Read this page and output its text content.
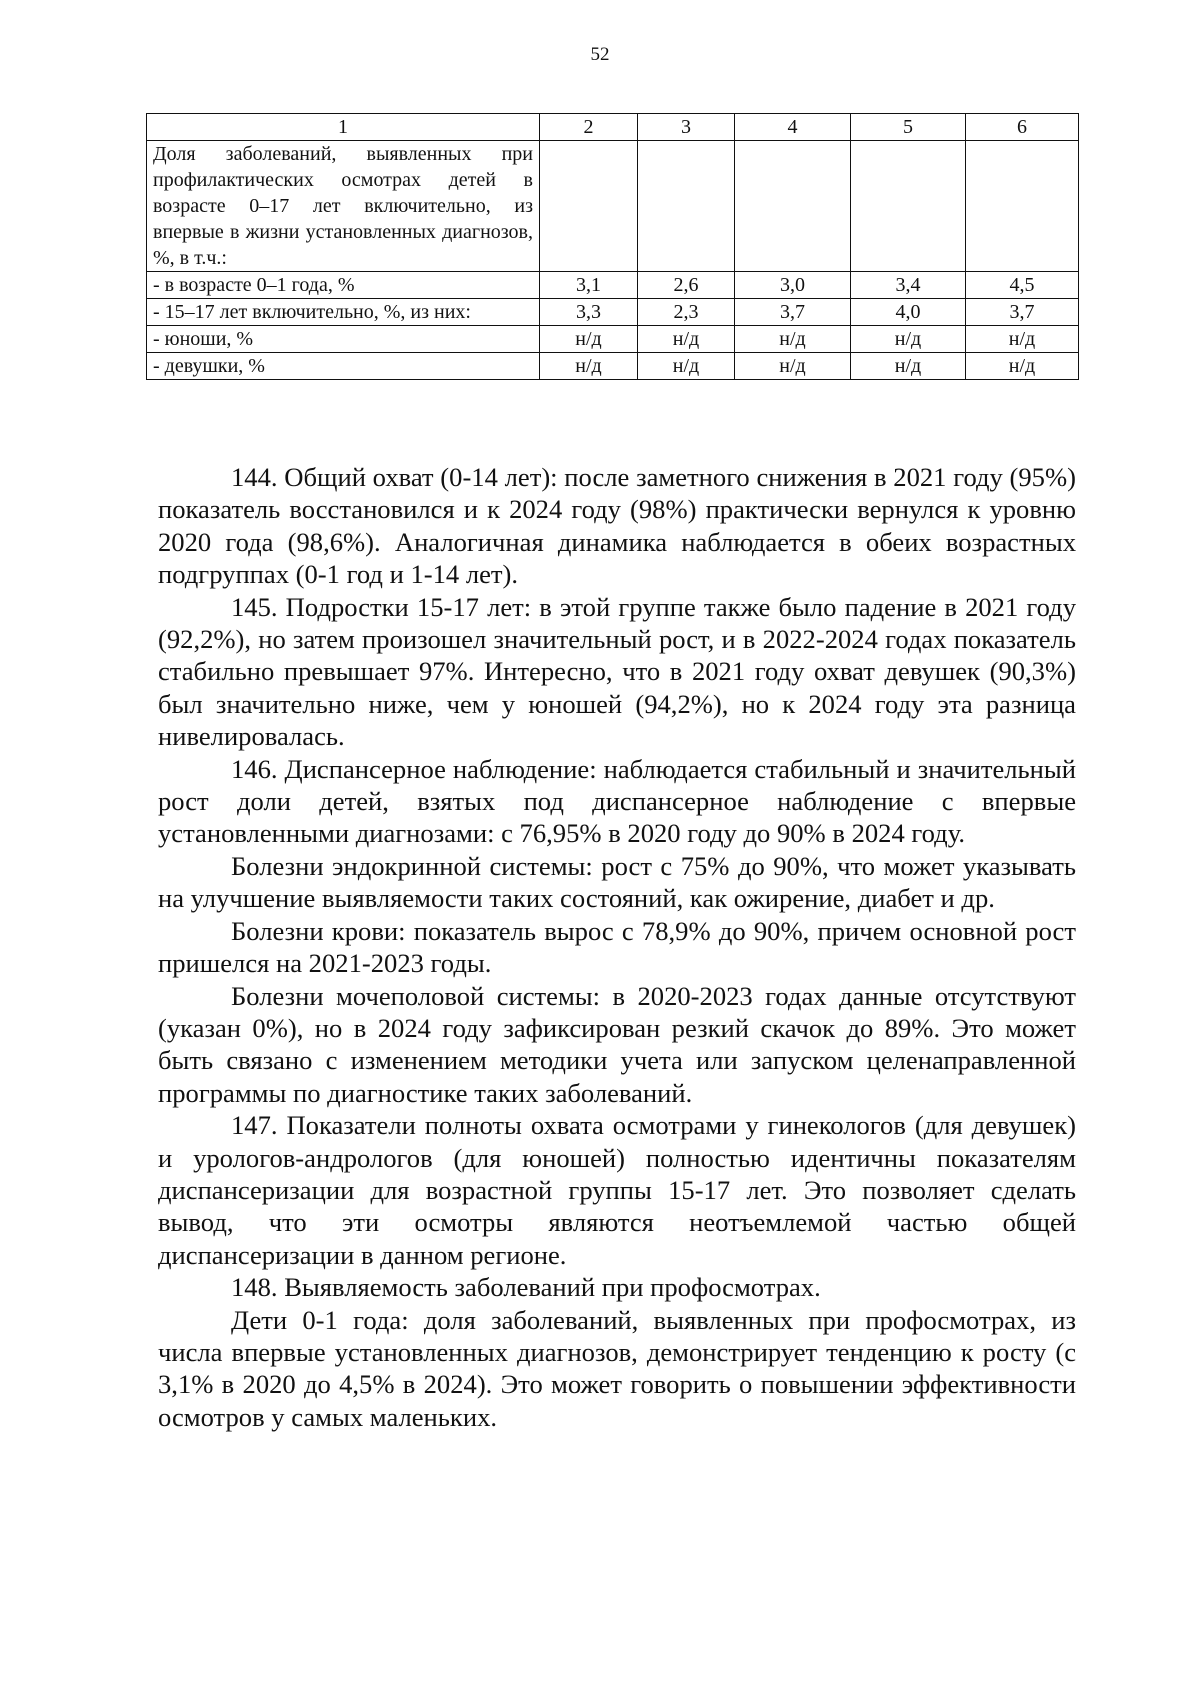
52
1	2	3	4	5	6
Доля заболеваний, выявленных при профилактических осмотрах детей в возрасте 0–17 лет включительно, из впервые в жизни установленных диагнозов, %, в т.ч.:					
- в возрасте 0–1 года, %	3,1	2,6	3,0	3,4	4,5
- 15–17 лет включительно, %, из них:	3,3	2,3	3,7	4,0	3,7
- юноши, %	н/д	н/д	н/д	н/д	н/д
- девушки, %	н/д	н/д	н/д	н/д	н/д

144. Общий охват (0-14 лет): после заметного снижения в 2021 году (95%) показатель восстановился и к 2024 году (98%) практически вернулся к уровню 2020 года (98,6%). Аналогичная динамика наблюдается в обеих возрастных подгруппах (0-1 год и 1-14 лет).

145. Подростки 15-17 лет: в этой группе также было падение в 2021 году (92,2%), но затем произошел значительный рост, и в 2022-2024 годах показатель стабильно превышает 97%. Интересно, что в 2021 году охват девушек (90,3%) был значительно ниже, чем у юношей (94,2%), но к 2024 году эта разница нивелировалась.

146. Диспансерное наблюдение: наблюдается стабильный и значительный рост доли детей, взятых под диспансерное наблюдение с впервые установленными диагнозами: с 76,95% в 2020 году до 90% в 2024 году.

Болезни эндокринной системы: рост с 75% до 90%, что может указывать на улучшение выявляемости таких состояний, как ожирение, диабет и др.

Болезни крови: показатель вырос с 78,9% до 90%, причем основной рост пришелся на 2021-2023 годы.

Болезни мочеполовой системы: в 2020-2023 годах данные отсутствуют (указан 0%), но в 2024 году зафиксирован резкий скачок до 89%. Это может быть связано с изменением методики учета или запуском целенаправленной программы по диагностике таких заболеваний.

147. Показатели полноты охвата осмотрами у гинекологов (для девушек) и урологов-андрологов (для юношей) полностью идентичны показателям диспансеризации для возрастной группы 15-17 лет. Это позволяет сделать вывод, что эти осмотры являются неотъемлемой частью общей диспансеризации в данном регионе.

148. Выявляемость заболеваний при профосмотрах.

Дети 0-1 года: доля заболеваний, выявленных при профосмотрах, из числа впервые установленных диагнозов, демонстрирует тенденцию к росту (с 3,1% в 2020 до 4,5% в 2024). Это может говорить о повышении эффективности осмотров у самых маленьких.
